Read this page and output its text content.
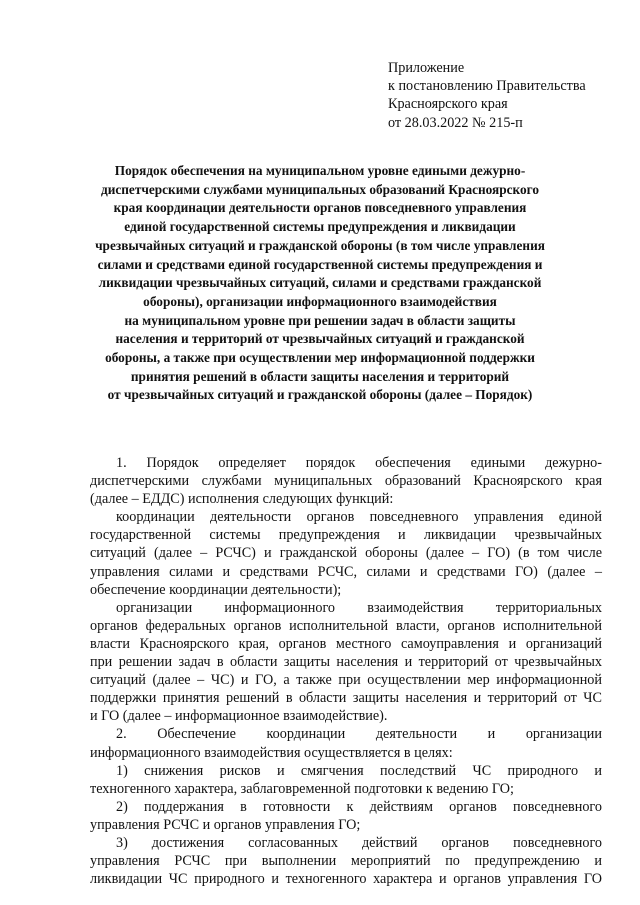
Приложение
к постановлению Правительства
Красноярского края
от 28.03.2022 № 215-п
Порядок обеспечения на муниципальном уровне едиными дежурно-
диспетчерскими службами муниципальных образований Красноярского
края координации деятельности органов повседневного управления
единой государственной системы предупреждения и ликвидации
чрезвычайных ситуаций и гражданской обороны (в том числе управления
силами и средствами единой государственной системы предупреждения и
ликвидации чрезвычайных ситуаций, силами и средствами гражданской
обороны), организации информационного взаимодействия
на муниципальном уровне при решении задач в области защиты
населения и территорий от чрезвычайных ситуаций и гражданской
обороны, а также при осуществлении мер информационной поддержки
принятия решений в области защиты населения и территорий
от чрезвычайных ситуаций и гражданской обороны (далее – Порядок)
1. Порядок определяет порядок обеспечения едиными дежурно-
диспетчерскими службами муниципальных образований Красноярского края
(далее – ЕДДС) исполнения следующих функций:
координации деятельности органов повседневного управления единой
государственной системы предупреждения и ликвидации чрезвычайных
ситуаций (далее – РСЧС) и гражданской обороны (далее – ГО) (в том числе
управления силами и средствами РСЧС, силами и средствами ГО) (далее –
обеспечение координации деятельности);
организации информационного взаимодействия территориальных
органов федеральных органов исполнительной власти, органов исполнительной
власти Красноярского края, органов местного самоуправления и организаций
при решении задач в области защиты населения и территорий от чрезвычайных
ситуаций (далее – ЧС) и ГО, а также при осуществлении мер информационной
поддержки принятия решений в области защиты населения и территорий от ЧС
и ГО (далее – информационное взаимодействие).
2. Обеспечение координации деятельности и организации
информационного взаимодействия осуществляется в целях:
1) снижения рисков и смягчения последствий ЧС природного и
техногенного характера, заблаговременной подготовки к ведению ГО;
2) поддержания в готовности к действиям органов повседневного
управления РСЧС и органов управления ГО;
3) достижения согласованных действий органов повседневного
управления РСЧС при выполнении мероприятий по предупреждению и
ликвидации ЧС природного и техногенного характера и органов управления ГО
